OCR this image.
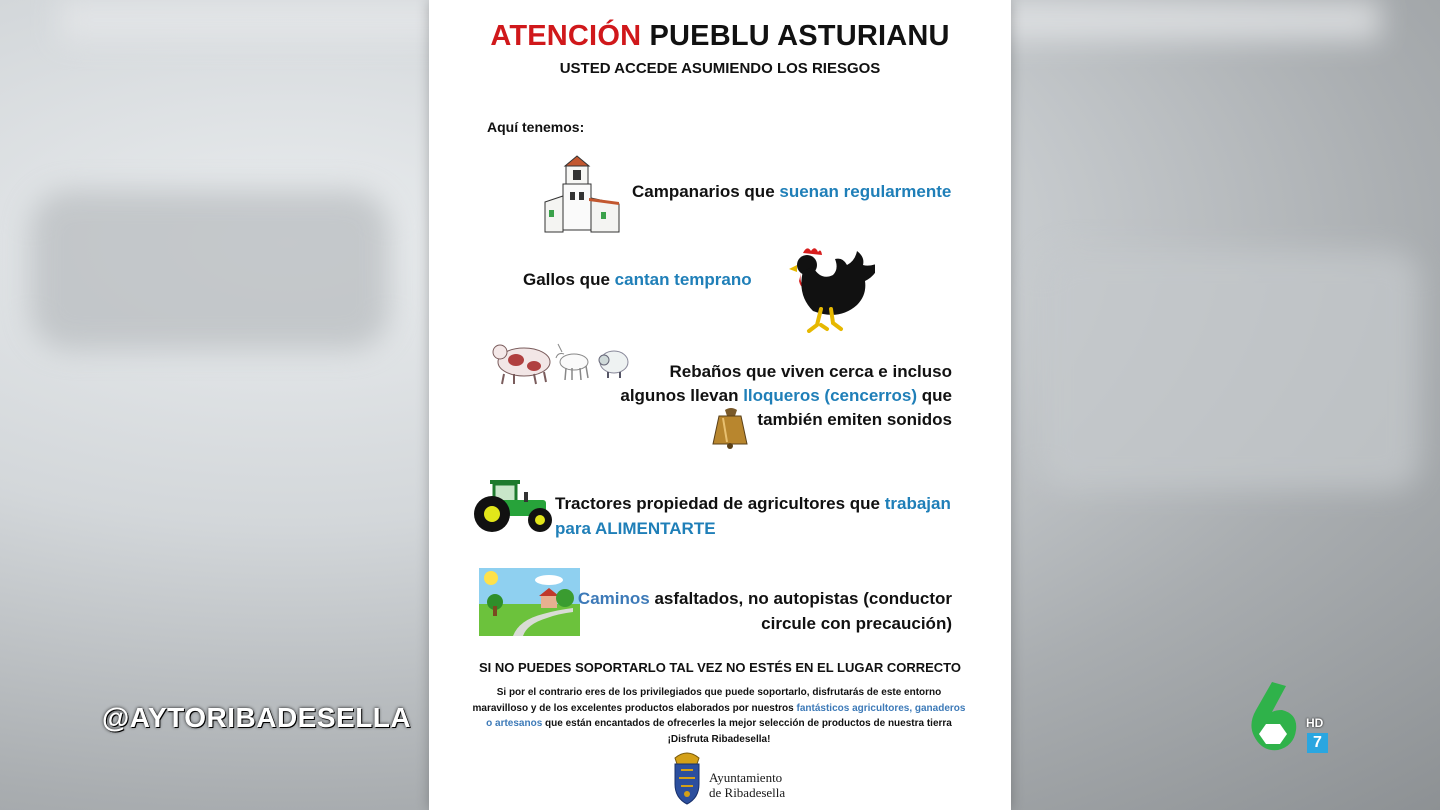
ATENCIÓN PUEBLU ASTURIANU
USTED ACCEDE ASUMIENDO LOS RIESGOS
Aquí tenemos:
Campanarios que suenan regularmente
Gallos que cantan temprano
Rebaños que viven cerca e incluso
algunos llevan lloqueros (cencerros) que
también emiten sonidos
Tractores propiedad de agricultores que trabajan
para ALIMENTARTE
Caminos asfaltados, no autopistas (conductor
circule con precaución)
SI NO PUEDES SOPORTARLO TAL VEZ NO ESTÉS EN EL LUGAR CORRECTO
Si por el contrario eres de los privilegiados que puede soportarlo, disfrutarás de este entorno maravilloso y de los excelentes productos elaborados por nuestros fantásticos agricultores, ganaderos o artesanos que están encantados de ofrecerles la mejor selección de productos de nuestra tierra ¡Disfruta Ribadesella!
Ayuntamiento
de Ribadesella
@AYTORIBADESELLA	HD
7
